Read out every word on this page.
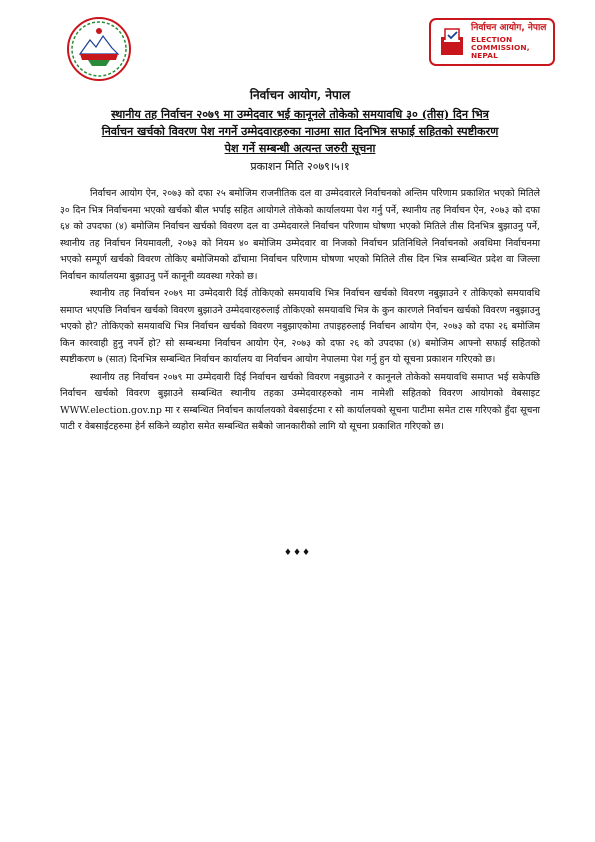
निर्वाचन आयोग, नेपाल
ELECTION COMMISSION, NEPAL
निर्वाचन आयोग, नेपाल
स्थानीय तह निर्वाचन २०७९ मा उम्मेदवार भई कानूनले तोकेको समयावधि ३० (तीस) दिन भित्र
निर्वाचन खर्चको विवरण पेश नगर्ने उम्मेदवारहरुका नाउमा सात दिनभित्र सफाई सहितको स्पष्टीकरण
पेश गर्ने सम्बन्धी अत्यन्त जरुरी सूचना
प्रकाशन मिति २०७९।५।१

निर्वाचन आयोग ऐन, २०७३ को दफा २५ बमोजिम राजनीतिक दल वा उम्मेदवारले निर्वाचनको अन्तिम परिणाम प्रकाशित भएको मितिले ३० दिन भित्र निर्वाचनमा भएको खर्चको बील भर्पाइ सहित आयोगले तोकेको कार्यालयमा पेश गर्नु पर्ने, स्थानीय तह निर्वाचन ऐन, २०७३ को दफा ६४ को उपदफा (४) बमोजिम निर्वाचन खर्चको विवरण दल वा उम्मेदवारले निर्वाचन परिणाम घोषणा भएको मितिले तीस दिनभित्र बुझाउनु पर्ने, स्थानीय तह निर्वाचन नियमावली, २०७३ को नियम ४० बमोजिम उम्मेदवार वा निजको निर्वाचन प्रतिनिधिले निर्वाचनको अवधिमा निर्वाचनमा भएको सम्पूर्ण खर्चको विवरण तोकिए बमोजिमको ढाँचामा निर्वाचन परिणाम घोषणा भएको मितिले तीस दिन भित्र सम्बन्धित प्रदेश वा जिल्ला निर्वाचन कार्यालयमा बुझाउनु पर्ने कानूनी व्यवस्था गरेको छ।

स्थानीय तह निर्वाचन २०७९ मा उम्मेदवारी दिई तोकिएको समयावधि भित्र निर्वाचन खर्चको विवरण नबुझाउने र तोकिएको समयावधि समाप्त भएपछि निर्वाचन खर्चको विवरण बुझाउने उम्मेदवारहरुलाई तोकिएको समयावधि भित्र के कुन कारणले निर्वाचन खर्चको विवरण नबुझाउनु भएको हो? तोकिएको समयावधि भित्र निर्वाचन खर्चको विवरण नबुझाएकोमा तपाइहरुलाई निर्वाचन आयोग ऐन, २०७३ को दफा २६ बमोजिम किन कारवाही हुनु नपर्ने हो? सो सम्बन्धमा निर्वाचन आयोग ऐन, २०७३ को दफा २६ को उपदफा (४) बमोजिम आफ्नो सफाई सहितको स्पष्टीकरण ७ (सात) दिनभित्र सम्बन्धित निर्वाचन कार्यालय वा निर्वाचन आयोग नेपालमा पेश गर्नु हुन यो सूचना प्रकाशन गरिएको छ।

स्थानीय तह निर्वाचन २०७९ मा उम्मेदवारी दिई निर्वाचन खर्चको विवरण नबुझाउने र कानूनले तोकेको समयावधि समाप्त भई सकेपछि निर्वाचन खर्चको विवरण बुझाउने सम्बन्धित स्थानीय तहका उम्मेदवारहरुको नाम नामेशी सहितको विवरण आयोगको वेबसाइट WWW.election.gov.np मा र सम्बन्धित निर्वाचन कार्यालयको वेबसाईटमा र सो कार्यालयको सूचना पाटीमा समेत टास गरिएको हुँदा सूचना पाटी र वेबसाईटहरुमा हेर्न सकिने व्यहोरा समेत सम्बन्धित सबैको जानकारीको लागि यो सूचना प्रकाशित गरिएको छ।

♦♦♦
